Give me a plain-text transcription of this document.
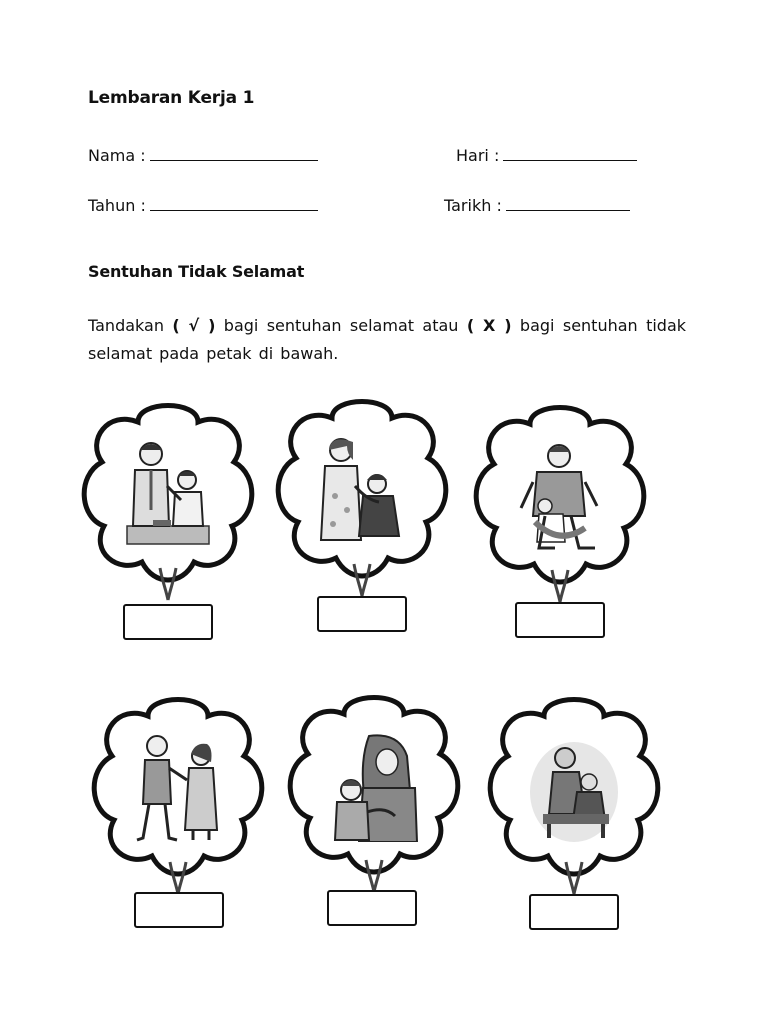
Lembaran Kerja 1
Nama :	Hari :
Tahun :	Tarikh :
Sentuhan Tidak Selamat

Tandakan ( √ ) bagi sentuhan selamat atau ( X ) bagi sentuhan tidak selamat pada petak di bawah.
